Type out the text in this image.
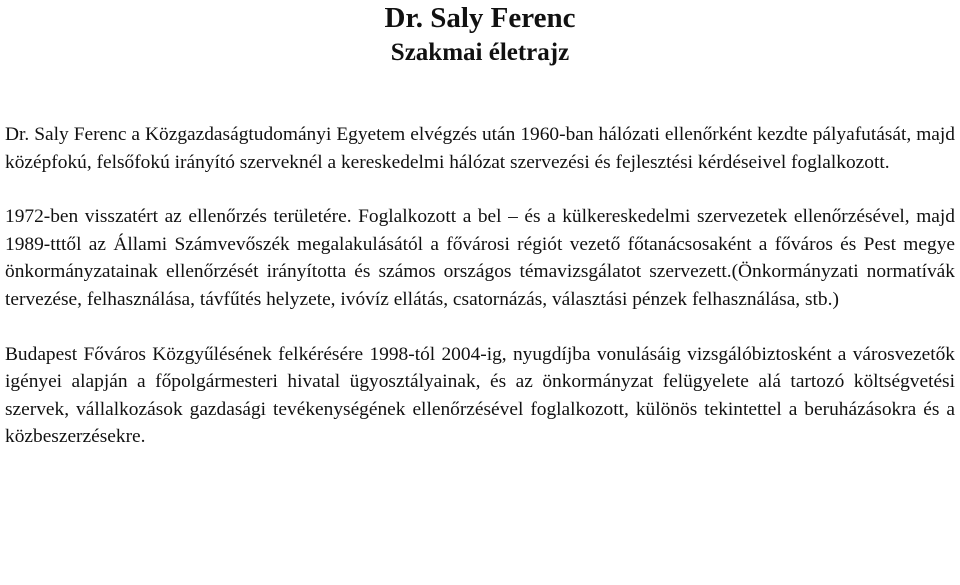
Dr. Saly Ferenc
Szakmai életrajz

Dr. Saly Ferenc a Közgazdaságtudományi Egyetem elvégzés után 1960-ban hálózati ellenőrként kezdte pályafutását, majd középfokú, felsőfokú irányító szerveknél a kereskedelmi hálózat szervezési és fejlesztési kérdéseivel foglalkozott.

1972-ben visszatért az ellenőrzés területére. Foglalkozott a bel – és a külkereskedelmi szervezetek ellenőrzésével, majd 1989-tttől az Állami Számvevőszék megalakulásától a fővárosi régiót vezető főtanácsosaként a főváros és Pest megye önkormányzatainak ellenőrzését irányította és számos országos témavizsgálatot szervezett.(Önkormányzati normatívák tervezése, felhasználása, távfűtés helyzete, ivóvíz ellátás, csatornázás, választási pénzek felhasználása, stb.)

Budapest Főváros Közgyűlésének felkérésére 1998-tól 2004-ig, nyugdíjba vonulásáig vizsgálóbiztosként a városvezetők igényei alapján a főpolgármesteri hivatal ügyosztályainak, és az önkormányzat felügyelete alá tartozó költségvetési szervek, vállalkozások gazdasági tevékenységének ellenőrzésével foglalkozott, különös tekintettel a beruházásokra és a közbeszerzésekre.
